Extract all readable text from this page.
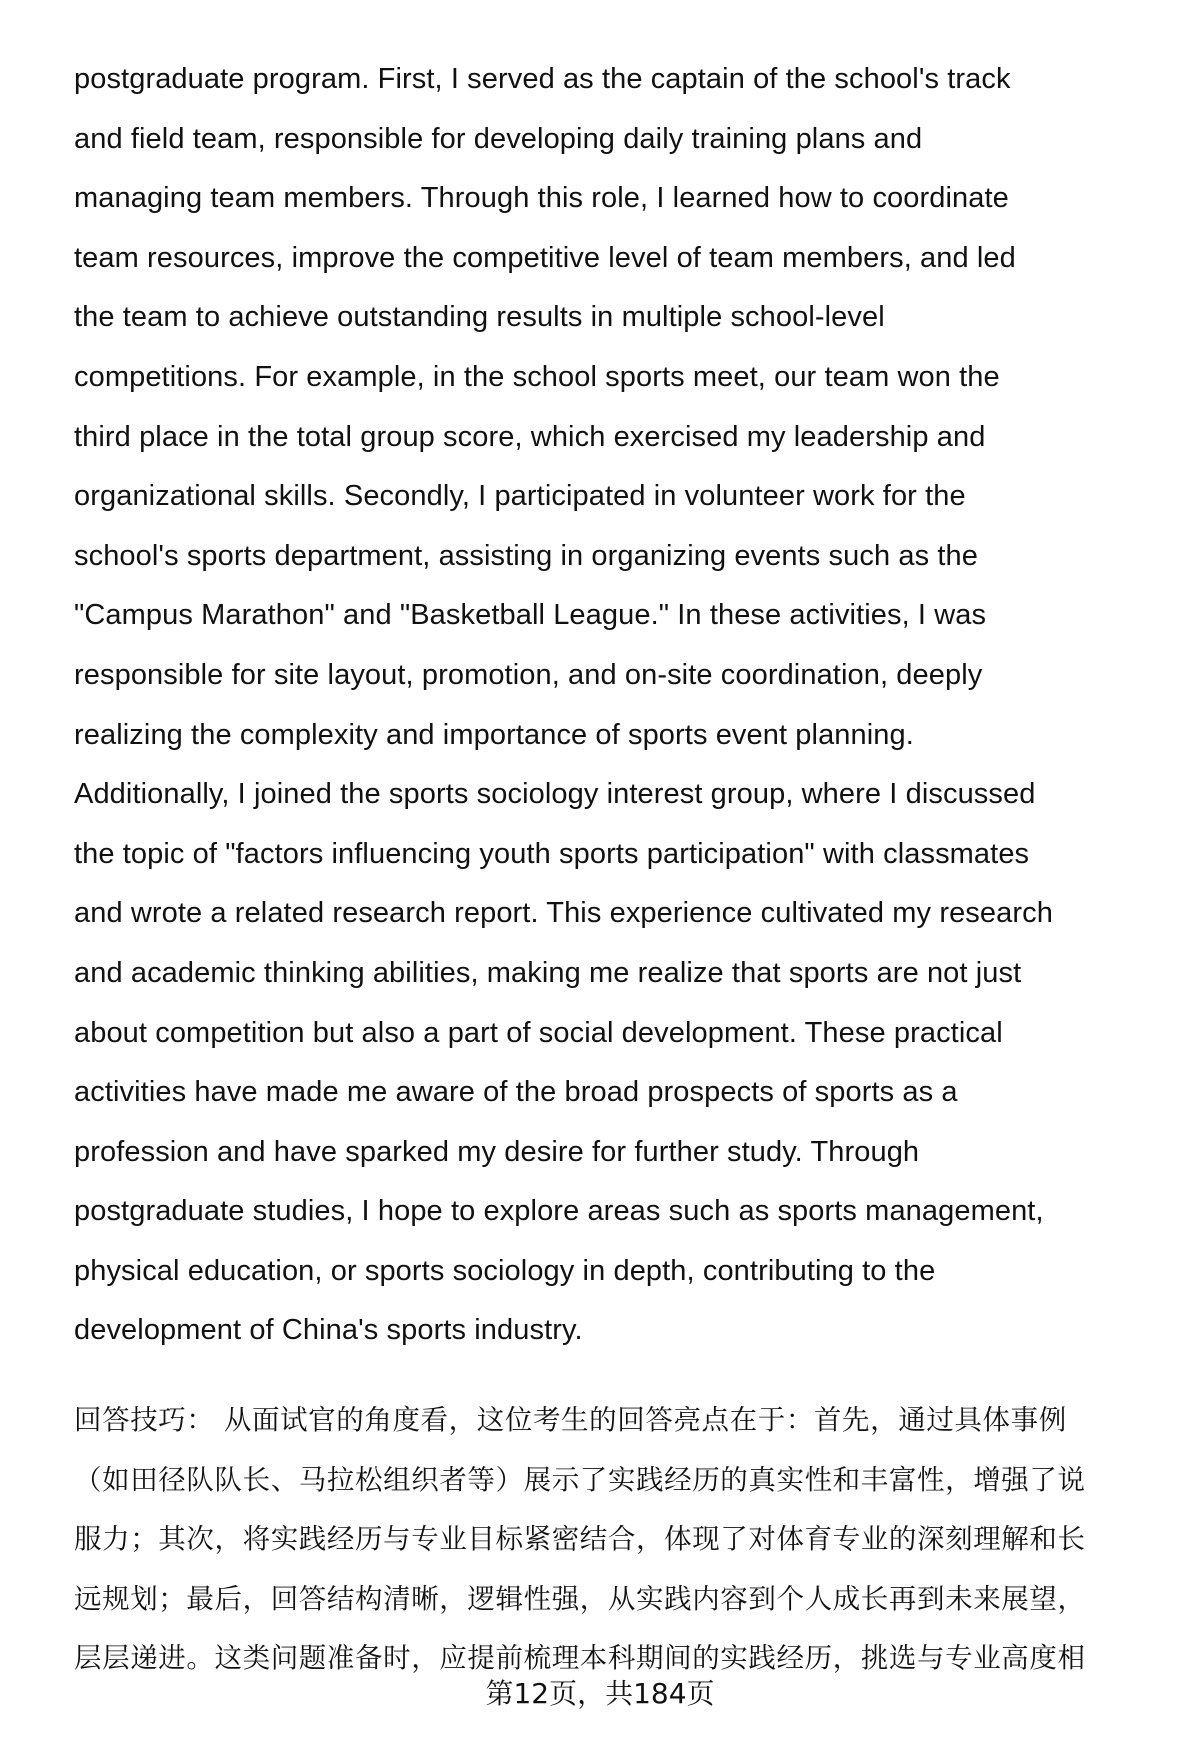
postgraduate program. First, I served as the captain of the school's track
and field team, responsible for developing daily training plans and
managing team members. Through this role, I learned how to coordinate
team resources, improve the competitive level of team members, and led
the team to achieve outstanding results in multiple school-level
competitions. For example, in the school sports meet, our team won the
third place in the total group score, which exercised my leadership and
organizational skills. Secondly, I participated in volunteer work for the
school's sports department, assisting in organizing events such as the
"Campus Marathon" and "Basketball League." In these activities, I was
responsible for site layout, promotion, and on-site coordination, deeply
realizing the complexity and importance of sports event planning.
Additionally, I joined the sports sociology interest group, where I discussed
the topic of "factors influencing youth sports participation" with classmates
and wrote a related research report. This experience cultivated my research
and academic thinking abilities, making me realize that sports are not just
about competition but also a part of social development. These practical
activities have made me aware of the broad prospects of sports as a
profession and have sparked my desire for further study. Through
postgraduate studies, I hope to explore areas such as sports management,
physical education, or sports sociology in depth, contributing to the
development of China's sports industry.
回答技巧： 从面试官的角度看，这位考生的回答亮点在于：首先，通过具体事例
（如田径队队长、马拉松组织者等）展示了实践经历的真实性和丰富性，增强了说
服力；其次，将实践经历与专业目标紧密结合，体现了对体育专业的深刻理解和长
远规划；最后，回答结构清晰，逻辑性强，从实践内容到个人成长再到未来展望，
层层递进。这类问题准备时，应提前梳理本科期间的实践经历，挑选与专业高度相
第12页，共184页
